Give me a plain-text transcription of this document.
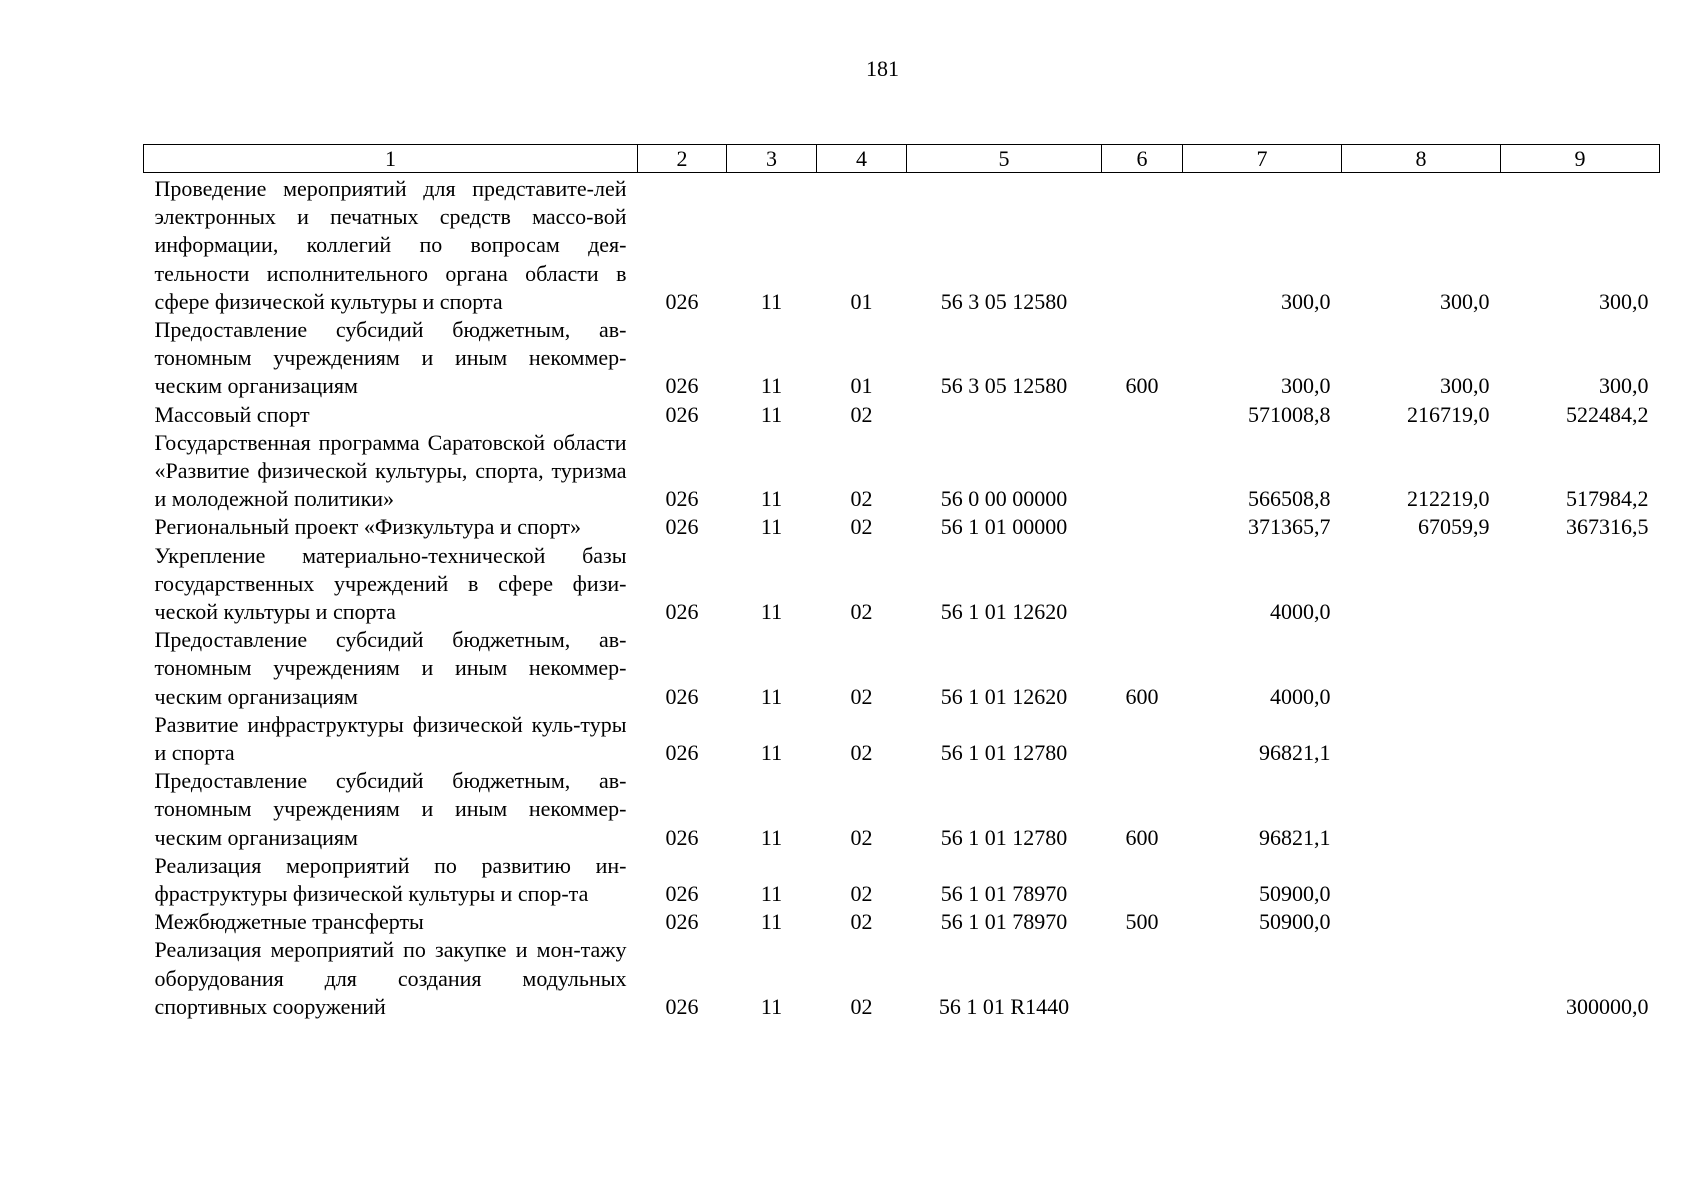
181
1	2	3	4	5	6	7	8	9
Проведение мероприятий для представите-лей электронных и печатных средств массо-вой информации, коллегий по вопросам дея-тельности исполнительного органа области в сфере физической культуры и спорта	026	11	01	56 3 05 12580		300,0	300,0	300,0
Предоставление субсидий бюджетным, ав-тономным учреждениям и иным некоммер-ческим организациям	026	11	01	56 3 05 12580	600	300,0	300,0	300,0
Массовый спорт	026	11	02			571008,8	216719,0	522484,2
Государственная программа Саратовской области «Развитие физической культуры, спорта, туризма и молодежной политики»	026	11	02	56 0 00 00000		566508,8	212219,0	517984,2
Региональный проект «Физкультура и спорт»	026	11	02	56 1 01 00000		371365,7	67059,9	367316,5
Укрепление материально-технической базы государственных учреждений в сфере физи-ческой культуры и спорта	026	11	02	56 1 01 12620		4000,0		
Предоставление субсидий бюджетным, ав-тономным учреждениям и иным некоммер-ческим организациям	026	11	02	56 1 01 12620	600	4000,0		
Развитие инфраструктуры физической куль-туры и спорта	026	11	02	56 1 01 12780		96821,1		
Предоставление субсидий бюджетным, ав-тономным учреждениям и иным некоммер-ческим организациям	026	11	02	56 1 01 12780	600	96821,1		
Реализация мероприятий по развитию ин-фраструктуры физической культуры и спор-та	026	11	02	56 1 01 78970		50900,0		
Межбюджетные трансферты	026	11	02	56 1 01 78970	500	50900,0		
Реализация мероприятий по закупке и мон-тажу оборудования для создания модульных спортивных сооружений	026	11	02	56 1 01 R1440				300000,0
